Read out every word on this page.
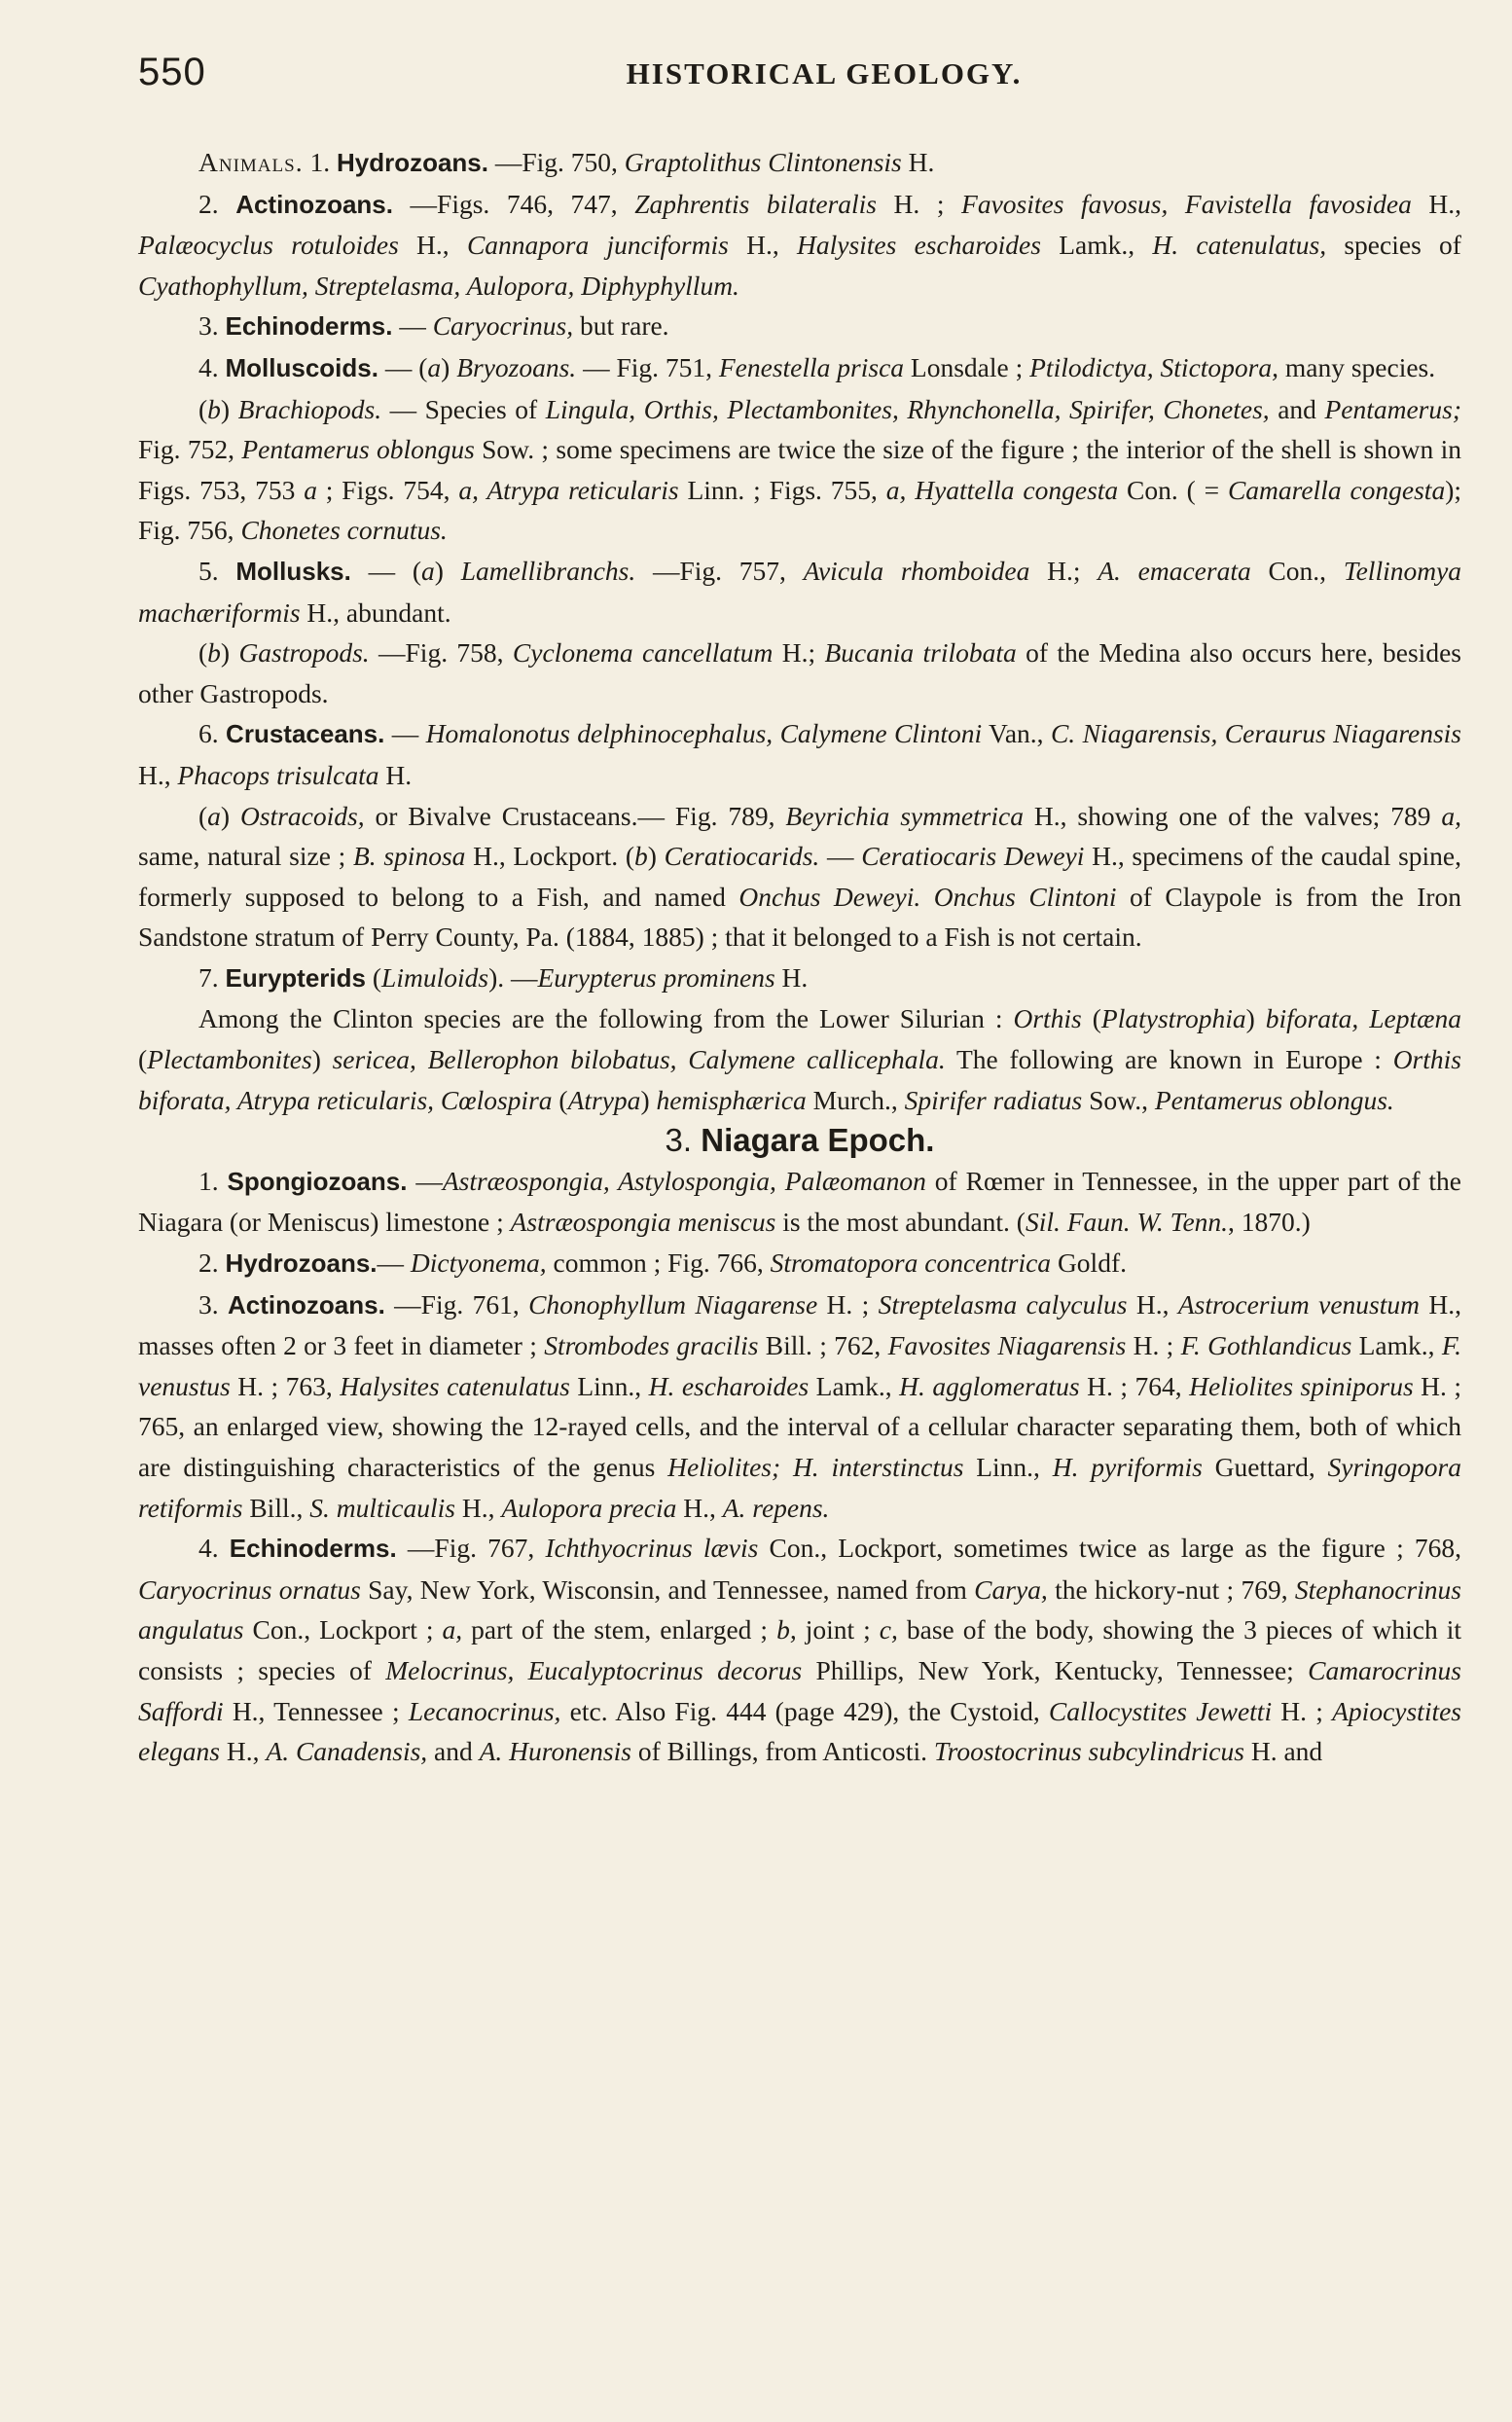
550	HISTORICAL GEOLOGY.

Animals. 1. Hydrozoans. —Fig. 750, Graptolithus Clintonensis H.

2. Actinozoans. —Figs. 746, 747, Zaphrentis bilateralis H. ; Favosites favosus, Favistella favosidea H., Palæocyclus rotuloides H., Cannapora junciformis H., Halysites escharoides Lamk., H. catenulatus, species of Cyathophyllum, Streptelasma, Aulopora, Diphyphyllum.

3. Echinoderms. — Caryocrinus, but rare.

4. Molluscoids. — (a) Bryozoans. — Fig. 751, Fenestella prisca Lonsdale ; Ptilodictya, Stictopora, many species.

(b) Brachiopods. — Species of Lingula, Orthis, Plectambonites, Rhynchonella, Spirifer, Chonetes, and Pentamerus; Fig. 752, Pentamerus oblongus Sow. ; some specimens are twice the size of the figure ; the interior of the shell is shown in Figs. 753, 753 a ; Figs. 754, a, Atrypa reticularis Linn. ; Figs. 755, a, Hyattella congesta Con. ( = Camarella congesta); Fig. 756, Chonetes cornutus.

5. Mollusks. — (a) Lamellibranchs. —Fig. 757, Avicula rhomboidea H.; A. emacerata Con., Tellinomya machæriformis H., abundant.

(b) Gastropods. —Fig. 758, Cyclonema cancellatum H.; Bucania trilobata of the Medina also occurs here, besides other Gastropods.

6. Crustaceans. — Homalonotus delphinocephalus, Calymene Clintoni Van., C. Niagarensis, Ceraurus Niagarensis H., Phacops trisulcata H.

(a) Ostracoids, or Bivalve Crustaceans.— Fig. 789, Beyrichia symmetrica H., showing one of the valves; 789 a, same, natural size ; B. spinosa H., Lockport. (b) Ceratiocarids. — Ceratiocaris Deweyi H., specimens of the caudal spine, formerly supposed to belong to a Fish, and named Onchus Deweyi. Onchus Clintoni of Claypole is from the Iron Sandstone stratum of Perry County, Pa. (1884, 1885) ; that it belonged to a Fish is not certain.

7. Eurypterids (Limuloids). —Eurypterus prominens H.

Among the Clinton species are the following from the Lower Silurian : Orthis (Platystrophia) biforata, Leptæna (Plectambonites) sericea, Bellerophon bilobatus, Calymene callicephala. The following are known in Europe : Orthis biforata, Atrypa reticularis, Cœlospira (Atrypa) hemisphærica Murch., Spirifer radiatus Sow., Pentamerus oblongus.

3. Niagara Epoch.

1. Spongiozoans. —Astræospongia, Astylospongia, Palæomanon of Rœmer in Tennessee, in the upper part of the Niagara (or Meniscus) limestone ; Astræospongia meniscus is the most abundant. (Sil. Faun. W. Tenn., 1870.)

2. Hydrozoans.— Dictyonema, common ; Fig. 766, Stromatopora concentrica Goldf.

3. Actinozoans. —Fig. 761, Chonophyllum Niagarense H. ; Streptelasma calyculus H., Astrocerium venustum H., masses often 2 or 3 feet in diameter ; Strombodes gracilis Bill. ; 762, Favosites Niagarensis H. ; F. Gothlandicus Lamk., F. venustus H. ; 763, Halysites catenulatus Linn., H. escharoides Lamk., H. agglomeratus H. ; 764, Heliolites spiniporus H. ; 765, an enlarged view, showing the 12-rayed cells, and the interval of a cellular character separating them, both of which are distinguishing characteristics of the genus Heliolites; H. interstinctus Linn., H. pyriformis Guettard, Syringopora retiformis Bill., S. multicaulis H., Aulopora precia H., A. repens.

4. Echinoderms. —Fig. 767, Ichthyocrinus lævis Con., Lockport, sometimes twice as large as the figure ; 768, Caryocrinus ornatus Say, New York, Wisconsin, and Tennessee, named from Carya, the hickory-nut ; 769, Stephanocrinus angulatus Con., Lockport ; a, part of the stem, enlarged ; b, joint ; c, base of the body, showing the 3 pieces of which it consists ; species of Melocrinus, Eucalyptocrinus decorus Phillips, New York, Kentucky, Tennessee; Camarocrinus Saffordi H., Tennessee ; Lecanocrinus, etc. Also Fig. 444 (page 429), the Cystoid, Callocystites Jewetti H. ; Apiocystites elegans H., A. Canadensis, and A. Huronensis of Billings, from Anticosti. Troostocrinus subcylindricus H. and
